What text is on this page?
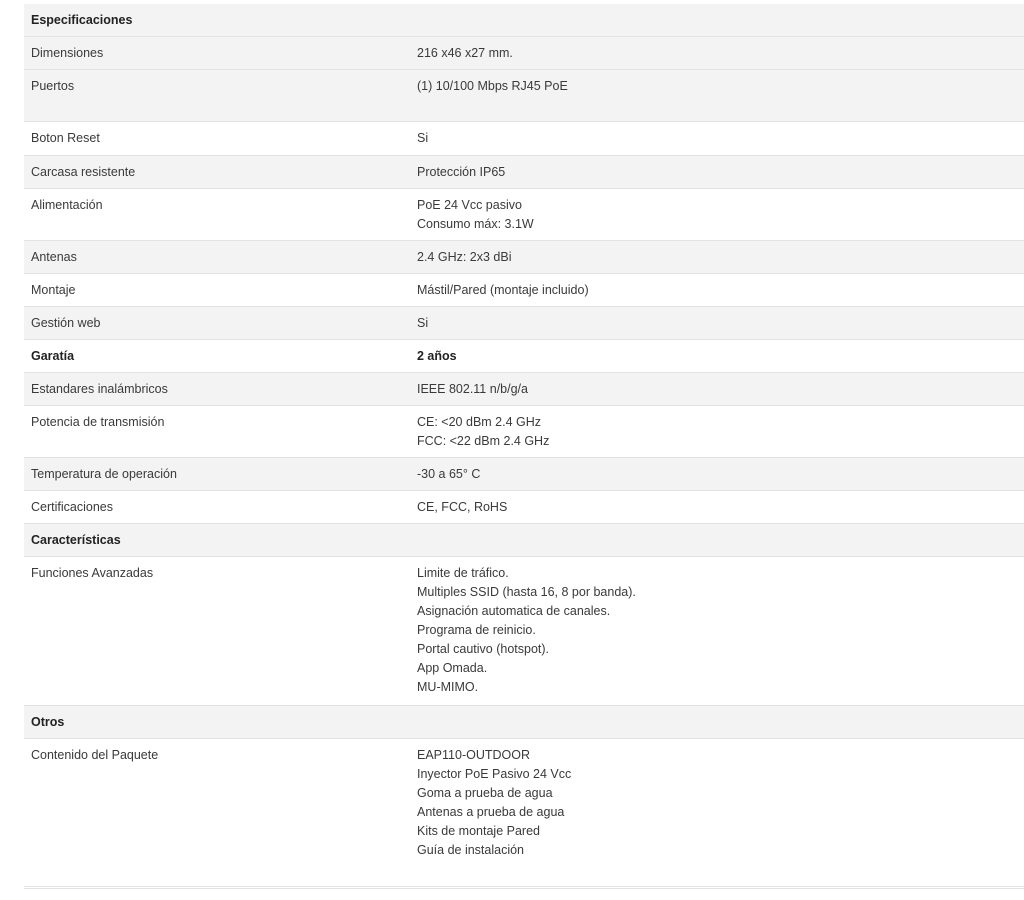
Especificaciones
Dimensiones	216 x46 x27 mm.
Puertos	(1) 10/100 Mbps RJ45 PoE
Boton Reset	Si
Carcasa resistente	Protección IP65
Alimentación	PoE 24 Vcc pasivo
Consumo máx: 3.1W
Antenas	2.4 GHz: 2x3 dBi
Montaje	Mástil/Pared (montaje incluido)
Gestión web	Si
Garatía	2 años
Estandares inalámbricos	IEEE 802.11 n/b/g/a
Potencia de transmisión	CE: <20 dBm 2.4 GHz
FCC: <22 dBm 2.4 GHz
Temperatura de operación	-30 a 65° C
Certificaciones	CE, FCC, RoHS
Características
Funciones Avanzadas	Limite de tráfico.
Multiples SSID (hasta 16, 8 por banda).
Asignación automatica de canales.
Programa de reinicio.
Portal cautivo (hotspot).
App Omada.
MU-MIMO.
Otros
Contenido del Paquete	EAP110-OUTDOOR
Inyector PoE Pasivo 24 Vcc
Goma a prueba de agua
Antenas a prueba de agua
Kits de montaje Pared
Guía de instalación
